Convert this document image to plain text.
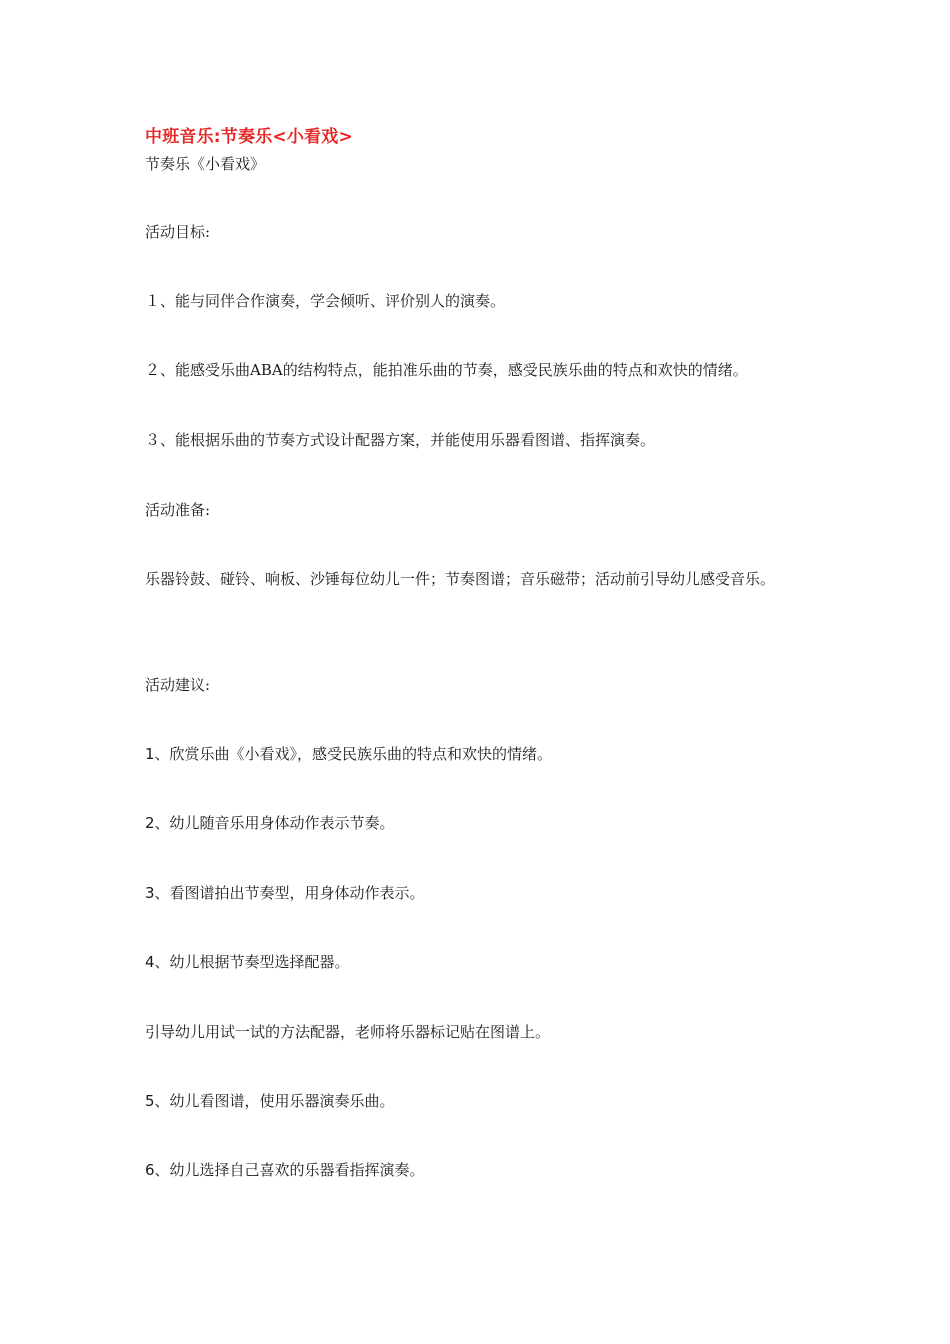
中班音乐:节奏乐<小看戏>
节奏乐《小看戏》
活动目标:
１、能与同伴合作演奏，学会倾听、评价别人的演奏。
２、能感受乐曲ABA的结构特点，能拍准乐曲的节奏，感受民族乐曲的特点和欢快的情绪。
３、能根据乐曲的节奏方式设计配器方案，并能使用乐器看图谱、指挥演奏。
活动准备:
乐器铃鼓、碰铃、响板、沙锤每位幼儿一件；节奏图谱；音乐磁带；活动前引导幼儿感受音乐。
活动建议:
1、欣赏乐曲《小看戏》，感受民族乐曲的特点和欢快的情绪。
2、幼儿随音乐用身体动作表示节奏。
3、看图谱拍出节奏型，用身体动作表示。
4、幼儿根据节奏型选择配器。
引导幼儿用试一试的方法配器，老师将乐器标记贴在图谱上。
5、幼儿看图谱，使用乐器演奏乐曲。
6、幼儿选择自己喜欢的乐器看指挥演奏。
